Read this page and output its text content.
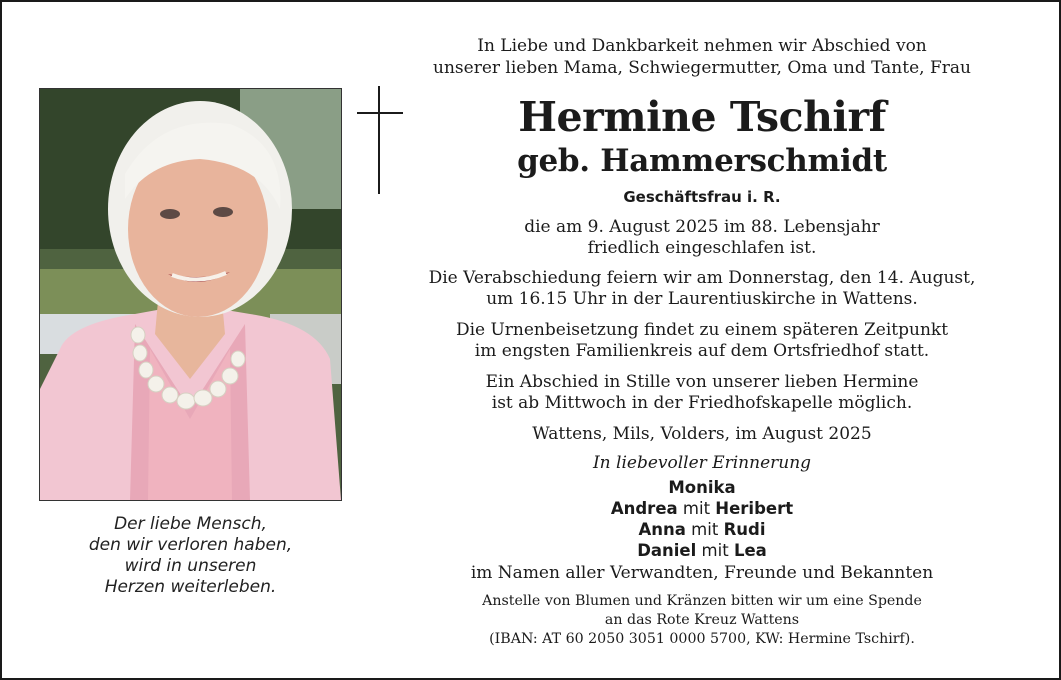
Der liebe Mensch,
den wir verloren haben,
wird in unseren
Herzen weiterleben.
In Liebe und Dankbarkeit nehmen wir Abschied von
unserer lieben Mama, Schwiegermutter, Oma und Tante, Frau
Hermine Tschirf
geb. Hammerschmidt
Geschäftsfrau i. R.
die am 9. August 2025 im 88. Lebensjahr
friedlich eingeschlafen ist.
Die Verabschiedung feiern wir am Donnerstag, den 14. August,
um 16.15 Uhr in der Laurentiuskirche in Wattens.
Die Urnenbeisetzung findet zu einem späteren Zeitpunkt
im engsten Familienkreis auf dem Ortsfriedhof statt.
Ein Abschied in Stille von unserer lieben Hermine
ist ab Mittwoch in der Friedhofskapelle möglich.
Wattens, Mils, Volders, im August 2025
In liebevoller Erinnerung
Monika
Andrea mit Heribert
Anna mit Rudi
Daniel mit Lea
im Namen aller Verwandten, Freunde und Bekannten
Anstelle von Blumen und Kränzen bitten wir um eine Spende
an das Rote Kreuz Wattens
(IBAN: AT 60 2050 3051 0000 5700, KW: Hermine Tschirf).
